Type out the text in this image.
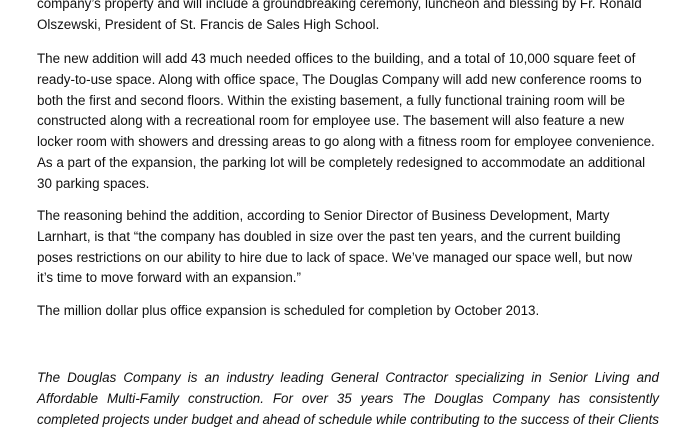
company’s property and will include a groundbreaking ceremony, luncheon and blessing by Fr. Ronald
Olszewski, President of St. Francis de Sales High School.

The new addition will add 43 much needed offices to the building, and a total of 10,000 square feet of
ready-to-use space. Along with office space, The Douglas Company will add new conference rooms to
both the first and second floors. Within the existing basement, a fully functional training room will be
constructed along with a recreational room for employee use. The basement will also feature a new
locker room with showers and dressing areas to go along with a fitness room for employee convenience.
As a part of the expansion, the parking lot will be completely redesigned to accommodate an additional
30 parking spaces.

The reasoning behind the addition, according to Senior Director of Business Development, Marty
Larnhart, is that “the company has doubled in size over the past ten years, and the current building
poses restrictions on our ability to hire due to lack of space. We’ve managed our space well, but now
it’s time to move forward with an expansion.”

The million dollar plus office expansion is scheduled for completion by October 2013.

The Douglas Company is an industry leading General Contractor specializing in Senior Living and
Affordable Multi-Family construction. For over 35 years The Douglas Company has consistently
completed projects under budget and ahead of schedule while contributing to the success of their Clients
